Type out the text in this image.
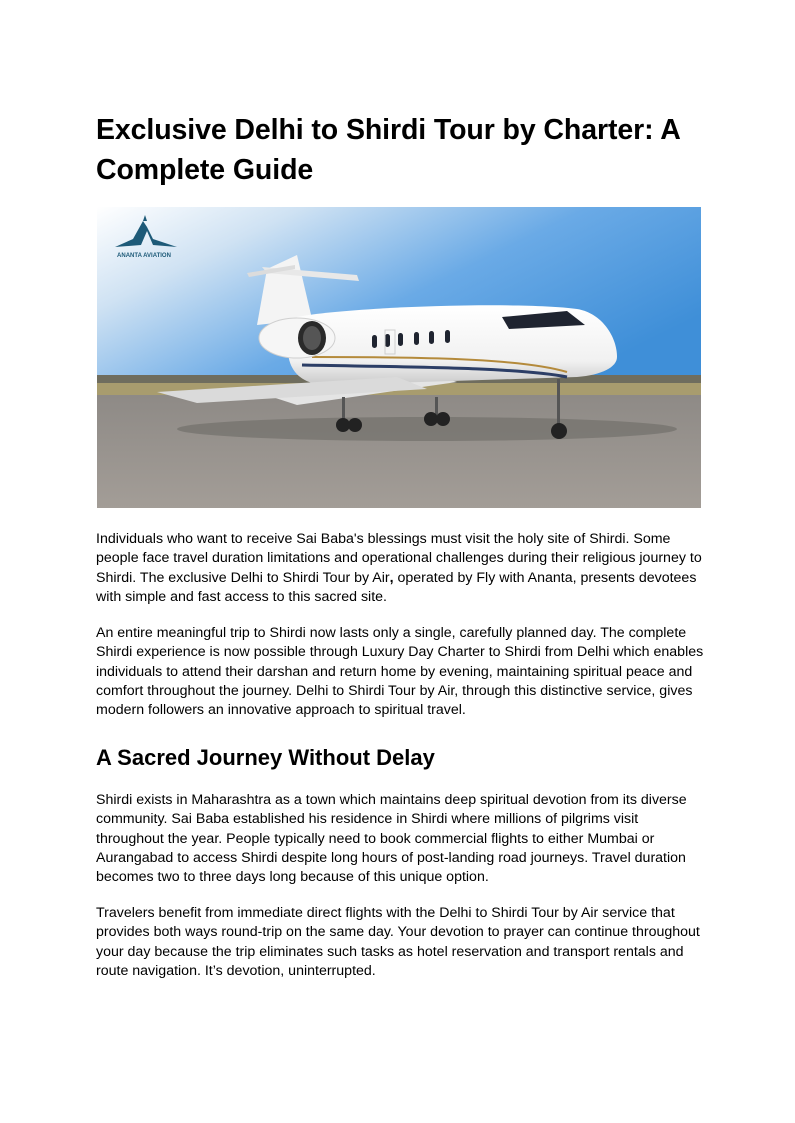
Exclusive Delhi to Shirdi Tour by Charter: A Complete Guide
ANANTA AVIATION

Individuals who want to receive Sai Baba's blessings must visit the holy site of Shirdi. Some people face travel duration limitations and operational challenges during their religious journey to Shirdi. The exclusive Delhi to Shirdi Tour by Air, operated by Fly with Ananta, presents devotees with simple and fast access to this sacred site.

An entire meaningful trip to Shirdi now lasts only a single, carefully planned day. The complete Shirdi experience is now possible through Luxury Day Charter to Shirdi from Delhi which enables individuals to attend their darshan and return home by evening, maintaining spiritual peace and comfort throughout the journey. Delhi to Shirdi Tour by Air, through this distinctive service, gives modern followers an innovative approach to spiritual travel.

A Sacred Journey Without Delay

Shirdi exists in Maharashtra as a town which maintains deep spiritual devotion from its diverse community. Sai Baba established his residence in Shirdi where millions of pilgrims visit throughout the year. People typically need to book commercial flights to either Mumbai or Aurangabad to access Shirdi despite long hours of post-landing road journeys. Travel duration becomes two to three days long because of this unique option.

Travelers benefit from immediate direct flights with the Delhi to Shirdi Tour by Air service that provides both ways round-trip on the same day. Your devotion to prayer can continue throughout your day because the trip eliminates such tasks as hotel reservation and transport rentals and route navigation. It’s devotion, uninterrupted.
